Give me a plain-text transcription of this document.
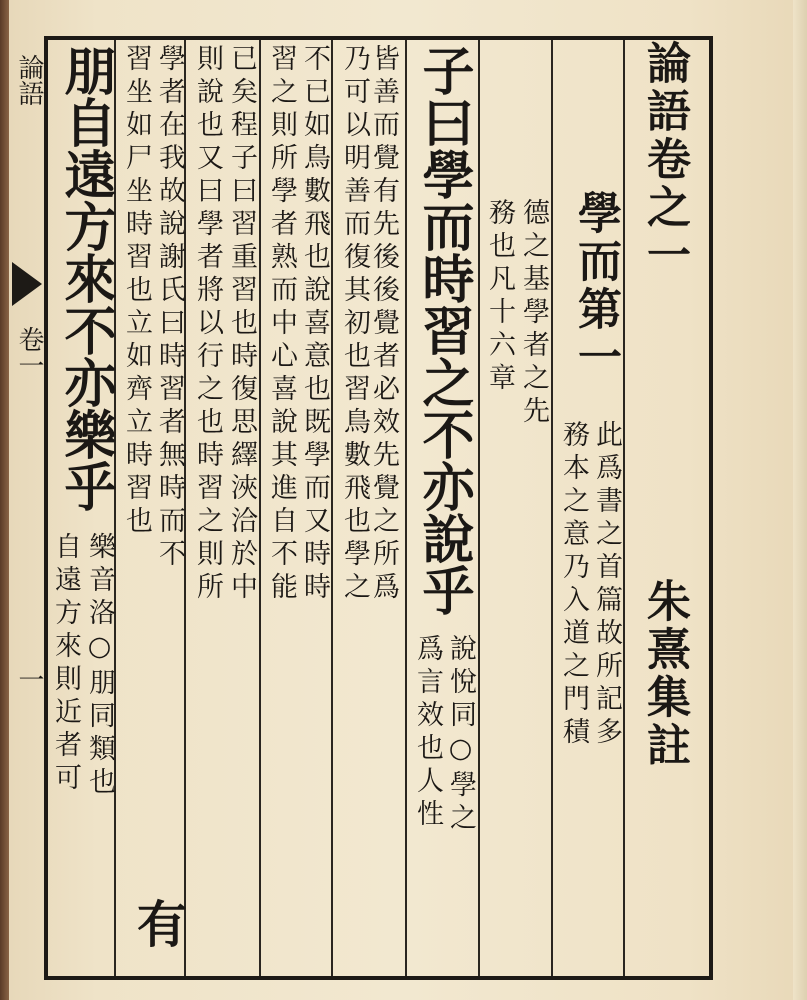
論語
卷一
一
論語卷之一
朱熹集註
學而第一
此爲書之首篇故所記多
務本之意乃入道之門積
德之基學者之先
務也凡十六章
子曰學而時習之不亦說乎
說悅同○學之
爲言效也人性
皆善而覺有先後後覺者必效先覺之所爲
乃可以明善而復其初也習鳥數飛也學之
不已如鳥數飛也說喜意也既學而又時時
習之則所學者熟而中心喜說其進自不能
已矣程子曰習重習也時復思繹浹洽於中
則說也又曰學者將以行之也時習之則所
學者在我故說謝氏曰時習者無時而不
有
習坐如尸坐時習也立如齊立時習也
朋自遠方來不亦樂乎
樂音洛○朋同類也
自遠方來則近者可
